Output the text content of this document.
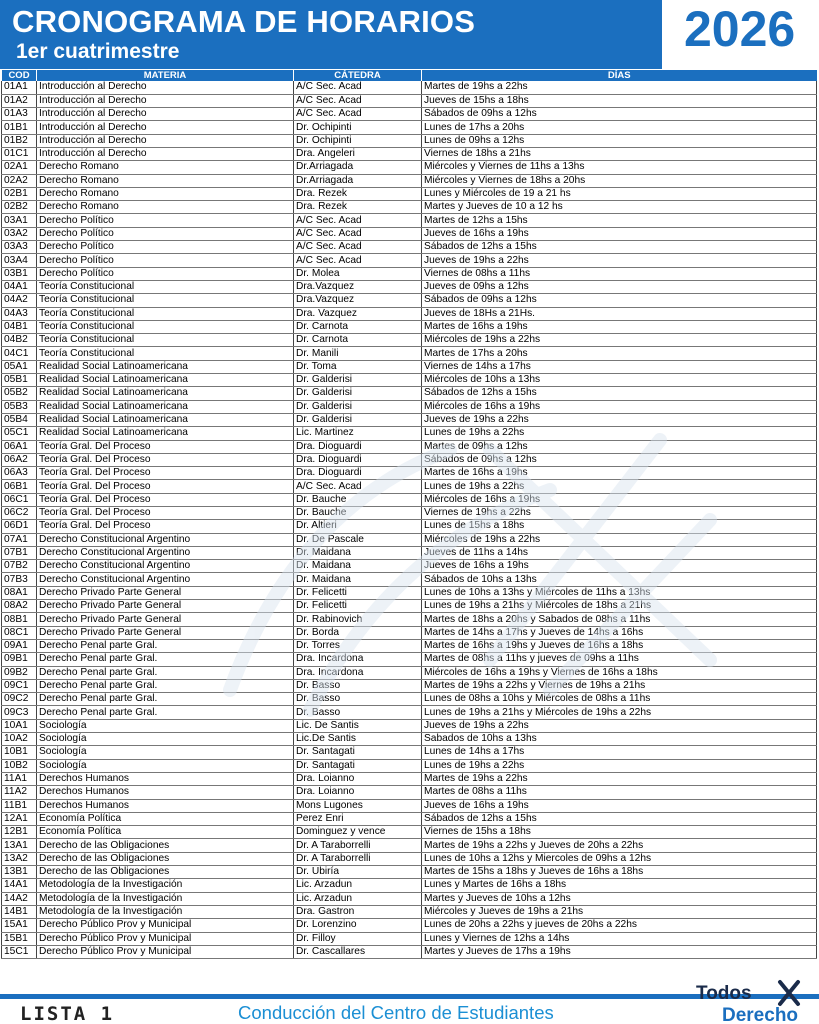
CRONOGRAMA DE HORARIOS
1er cuatrimestre	2026
COD	MATERIA	CÁTEDRA	DÍAS
01A1	Introducción al Derecho	A/C Sec. Acad	Martes de 19hs a 22hs
01A2	Introducción al Derecho	A/C Sec. Acad	Jueves de 15hs a 18hs
01A3	Introducción al Derecho	A/C Sec. Acad	Sábados de 09hs a 12hs
01B1	Introducción al Derecho	Dr. Ochipinti	Lunes de 17hs a 20hs
01B2	Introducción al Derecho	Dr. Ochipinti	Lunes de 09hs a 12hs
01C1	Introducción al Derecho	Dra. Angeleri	Viernes de 18hs a 21hs
02A1	Derecho Romano	Dr.Arriagada	Miércoles y Viernes de 11hs a 13hs
02A2	Derecho Romano	Dr.Arriagada	Miércoles y Viernes de 18hs a 20hs
02B1	Derecho Romano	Dra. Rezek	Lunes y Miércoles de 19 a 21 hs
02B2	Derecho Romano	Dra. Rezek	Martes y Jueves de 10 a 12 hs
03A1	Derecho Político	A/C Sec. Acad	Martes de 12hs a 15hs
03A2	Derecho Político	A/C Sec. Acad	Jueves de 16hs a 19hs
03A3	Derecho Político	A/C Sec. Acad	Sábados de 12hs a 15hs
03A4	Derecho Político	A/C Sec. Acad	Jueves de 19hs a 22hs
03B1	Derecho Político	Dr. Molea	Viernes de 08hs a 11hs
04A1	Teoría Constitucional	Dra.Vazquez	Jueves de 09hs a 12hs
04A2	Teoría Constitucional	Dra.Vazquez	Sábados de 09hs a 12hs
04A3	Teoría Constitucional	Dra. Vazquez	Jueves de 18Hs a 21Hs.
04B1	Teoría Constitucional	Dr. Carnota	Martes de 16hs a 19hs
04B2	Teoría Constitucional	Dr. Carnota	Miércoles de 19hs a 22hs
04C1	Teoría Constitucional	Dr. Manili	Martes de 17hs a 20hs
05A1	Realidad Social Latinoamericana	Dr. Toma	Viernes de 14hs a 17hs
05B1	Realidad Social Latinoamericana	Dr. Galderisi	Miércoles de 10hs a 13hs
05B2	Realidad Social Latinoamericana	Dr. Galderisi	Sábados de 12hs a 15hs
05B3	Realidad Social Latinoamericana	Dr. Galderisi	Miércoles de 16hs a 19hs
05B4	Realidad Social Latinoamericana	Dr. Galderisi	Jueves de 19hs a 22hs
05C1	Realidad Social Latinoamericana	Lic. Martinez	Lunes de 19hs a 22hs
06A1	Teoría Gral. Del Proceso	Dra. Dioguardi	Martes de 09hs a 12hs
06A2	Teoría Gral. Del Proceso	Dra. Dioguardi	Sábados de 09hs a 12hs
06A3	Teoría Gral. Del Proceso	Dra. Dioguardi	Martes de 16hs a 19hs
06B1	Teoría Gral. Del Proceso	A/C Sec. Acad	Lunes de 19hs a 22hs
06C1	Teoría Gral. Del Proceso	Dr. Bauche	Miércoles de 16hs a 19hs
06C2	Teoría Gral. Del Proceso	Dr. Bauche	Viernes de 19hs a 22hs
06D1	Teoría Gral. Del Proceso	Dr. Altieri	Lunes de 15hs a 18hs
07A1	Derecho Constitucional Argentino	Dr. De Pascale	Miércoles de 19hs a 22hs
07B1	Derecho Constitucional Argentino	Dr. Maidana	Jueves de 11hs a 14hs
07B2	Derecho Constitucional Argentino	Dr. Maidana	Jueves de 16hs a 19hs
07B3	Derecho Constitucional Argentino	Dr. Maidana	Sábados de 10hs a 13hs
08A1	Derecho Privado Parte General	Dr. Felicetti	Lunes de 10hs a 13hs y Miércoles de 11hs a 13hs
08A2	Derecho Privado Parte General	Dr. Felicetti	Lunes de 19hs a 21hs y Miércoles de 18hs a 21hs
08B1	Derecho Privado Parte General	Dr. Rabinovich	Martes de 18hs a 20hs y Sabados de 08hs a 11hs
08C1	Derecho Privado Parte General	Dr. Borda	Martes de 14hs a 17hs y Jueves de 14hs a 16hs
09A1	Derecho Penal parte Gral.	Dr. Torres	Martes de 16hs a 19hs y Jueves de 16hs a 18hs
09B1	Derecho Penal parte Gral.	Dra. Incardona	Martes de 08hs a 11hs y jueves de 09hs a 11hs
09B2	Derecho Penal parte Gral.	Dra. Incardona	Miércoles de 16hs a 19hs y Viernes de 16hs a 18hs
09C1	Derecho Penal parte Gral.	Dr. Basso	Martes de 19hs a 22hs y Viernes de 19hs a 21hs
09C2	Derecho Penal parte Gral.	Dr. Basso	Lunes de 08hs a 10hs y Miércoles de 08hs a 11hs
09C3	Derecho Penal parte Gral.	Dr. Basso	Lunes de 19hs a 21hs y Miércoles de 19hs a 22hs
10A1	Sociología	Lic. De Santis	Jueves de 19hs a 22hs
10A2	Sociología	Lic.De Santis	Sabados de 10hs a 13hs
10B1	Sociología	Dr. Santagati	Lunes de 14hs a 17hs
10B2	Sociología	Dr. Santagati	Lunes de 19hs a 22hs
11A1	Derechos Humanos	Dra. Loianno	Martes de 19hs a 22hs
11A2	Derechos Humanos	Dra. Loianno	Martes de 08hs a 11hs
11B1	Derechos Humanos	Mons Lugones	Jueves de 16hs a 19hs
12A1	Economía Política	Perez Enri	Sábados de 12hs a 15hs
12B1	Economía Política	Dominguez y vence	Viernes de 15hs a 18hs
13A1	Derecho de las Obligaciones	Dr. A Taraborrelli	Martes de 19hs a 22hs y Jueves de 20hs a 22hs
13A2	Derecho de las Obligaciones	Dr. A Taraborrelli	Lunes de 10hs a 12hs y Miercoles de 09hs a 12hs
13B1	Derecho de las Obligaciones	Dr. Ubiría	Martes de 15hs a 18hs y Jueves de 16hs a 18hs
14A1	Metodología de la Investigación	Lic. Arzadun	Lunes y Martes de 16hs a 18hs
14A2	Metodología de la Investigación	Lic. Arzadun	Martes y Jueves de 10hs a 12hs
14B1	Metodología de la Investigación	Dra. Gastron	Miércoles y Jueves de 19hs a 21hs
15A1	Derecho Público Prov y Municipal	Dr. Lorenzino	Lunes de 20hs a 22hs y jueves de 20hs a 22hs
15B1	Derecho Público Prov y Municipal	Dr. Filloy	Lunes y Viernes de 12hs a 14hs
15C1	Derecho Público Prov y Municipal	Dr. Cascallares	Martes y Jueves de 17hs a 19hs
LISTA 1	Conducción del Centro de Estudiantes
Todos
Derecho
